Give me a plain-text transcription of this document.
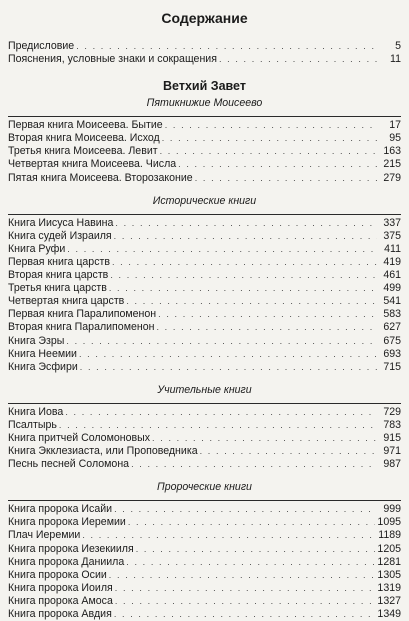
Содержание
Предисловие . . .	5
Пояснения, условные знаки и сокращения . . .	11
Ветхий Завет
Пятикнижие Моисеево
Первая книга Моисеева. Бытие . . .	17
Вторая книга Моисеева. Исход . . .	95
Третья книга Моисеева. Левит . . .	163
Четвертая книга Моисеева. Числа . . .	215
Пятая книга Моисеева. Второзаконие . . .	279
Исторические книги
Книга Иисуса Навина . . .	337
Книга судей Израиля . . .	375
Книга Руфи . . .	411
Первая книга царств . . .	419
Вторая книга царств . . .	461
Третья книга царств . . .	499
Четвертая книга царств . . .	541
Первая книга Паралипоменон . . .	583
Вторая книга Паралипоменон . . .	627
Книга Эзры . . .	675
Книга Неемии . . .	693
Книга Эсфири . . .	715
Учительные книги
Книга Иова . . .	729
Псалтырь . . .	783
Книга притчей Соломоновых . . .	915
Книга Экклезиаста, или Проповедника . . .	971
Песнь песней Соломона . . .	987
Пророческие книги
Книга пророка Исайи . . .	999
Книга пророка Иеремии . . .	1095
Плач Иеремии . . .	1189
Книга пророка Иезекииля . . .	1205
Книга пророка Даниила . . .	1281
Книга пророка Осии . . .	1305
Книга пророка Иоиля . . .	1319
Книга пророка Амоса . . .	1327
Книга пророка Авдия . . .	1349
